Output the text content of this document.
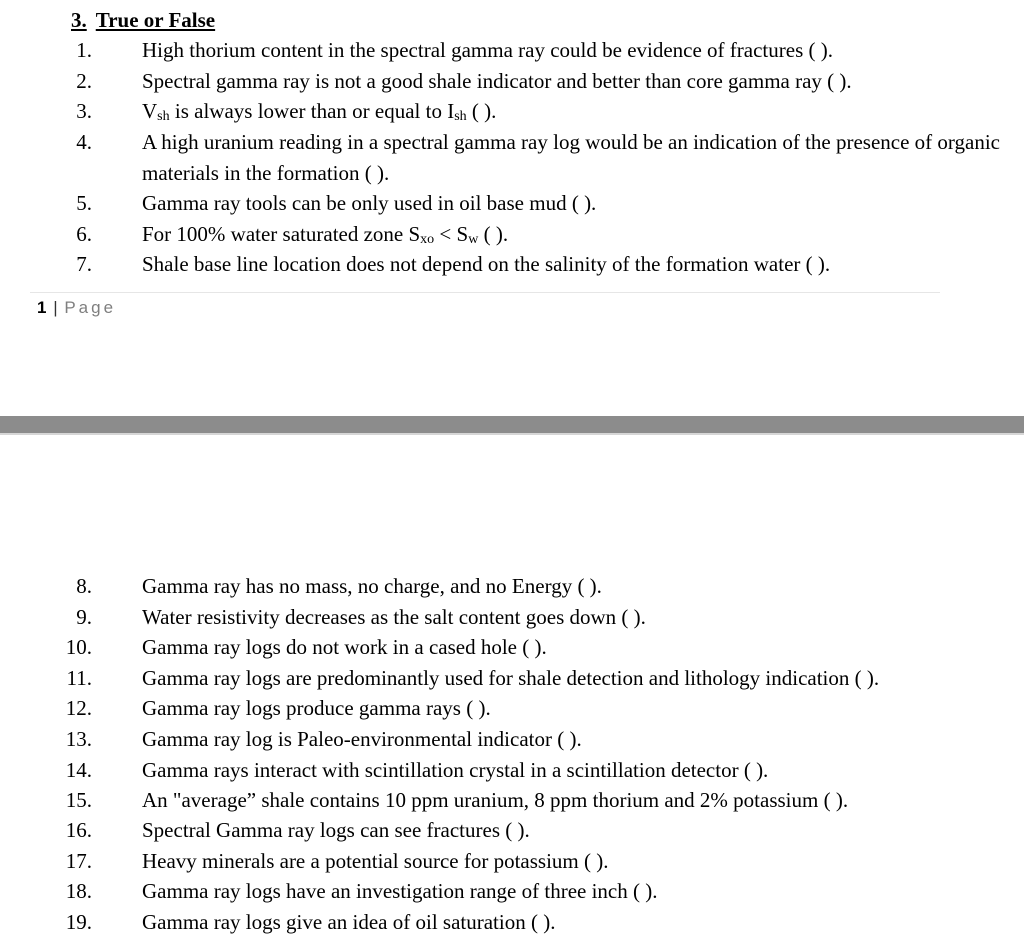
3. True or False
1. High thorium content in the spectral gamma ray could be evidence of fractures ( ).
2. Spectral gamma ray is not a good shale indicator and better than core gamma ray ( ).
3. Vsh is always lower than or equal to Ish ( ).
4. A high uranium reading in a spectral gamma ray log would be an indication of the presence of organic materials in the formation ( ).
5. Gamma ray tools can be only used in oil base mud ( ).
6. For 100% water saturated zone Sxo < Sw ( ).
7. Shale base line location does not depend on the salinity of the formation water ( ).
1 | Page
8. Gamma ray has no mass, no charge, and no Energy ( ).
9. Water resistivity decreases as the salt content goes down ( ).
10. Gamma ray logs do not work in a cased hole ( ).
11. Gamma ray logs are predominantly used for shale detection and lithology indication ( ).
12. Gamma ray logs produce gamma rays ( ).
13. Gamma ray log is Paleo-environmental indicator ( ).
14. Gamma rays interact with scintillation crystal in a scintillation detector ( ).
15. An "average” shale contains 10 ppm uranium, 8 ppm thorium and 2% potassium ( ).
16. Spectral Gamma ray logs can see fractures ( ).
17. Heavy minerals are a potential source for potassium ( ).
18. Gamma ray logs have an investigation range of three inch ( ).
19. Gamma ray logs give an idea of oil saturation ( ).
